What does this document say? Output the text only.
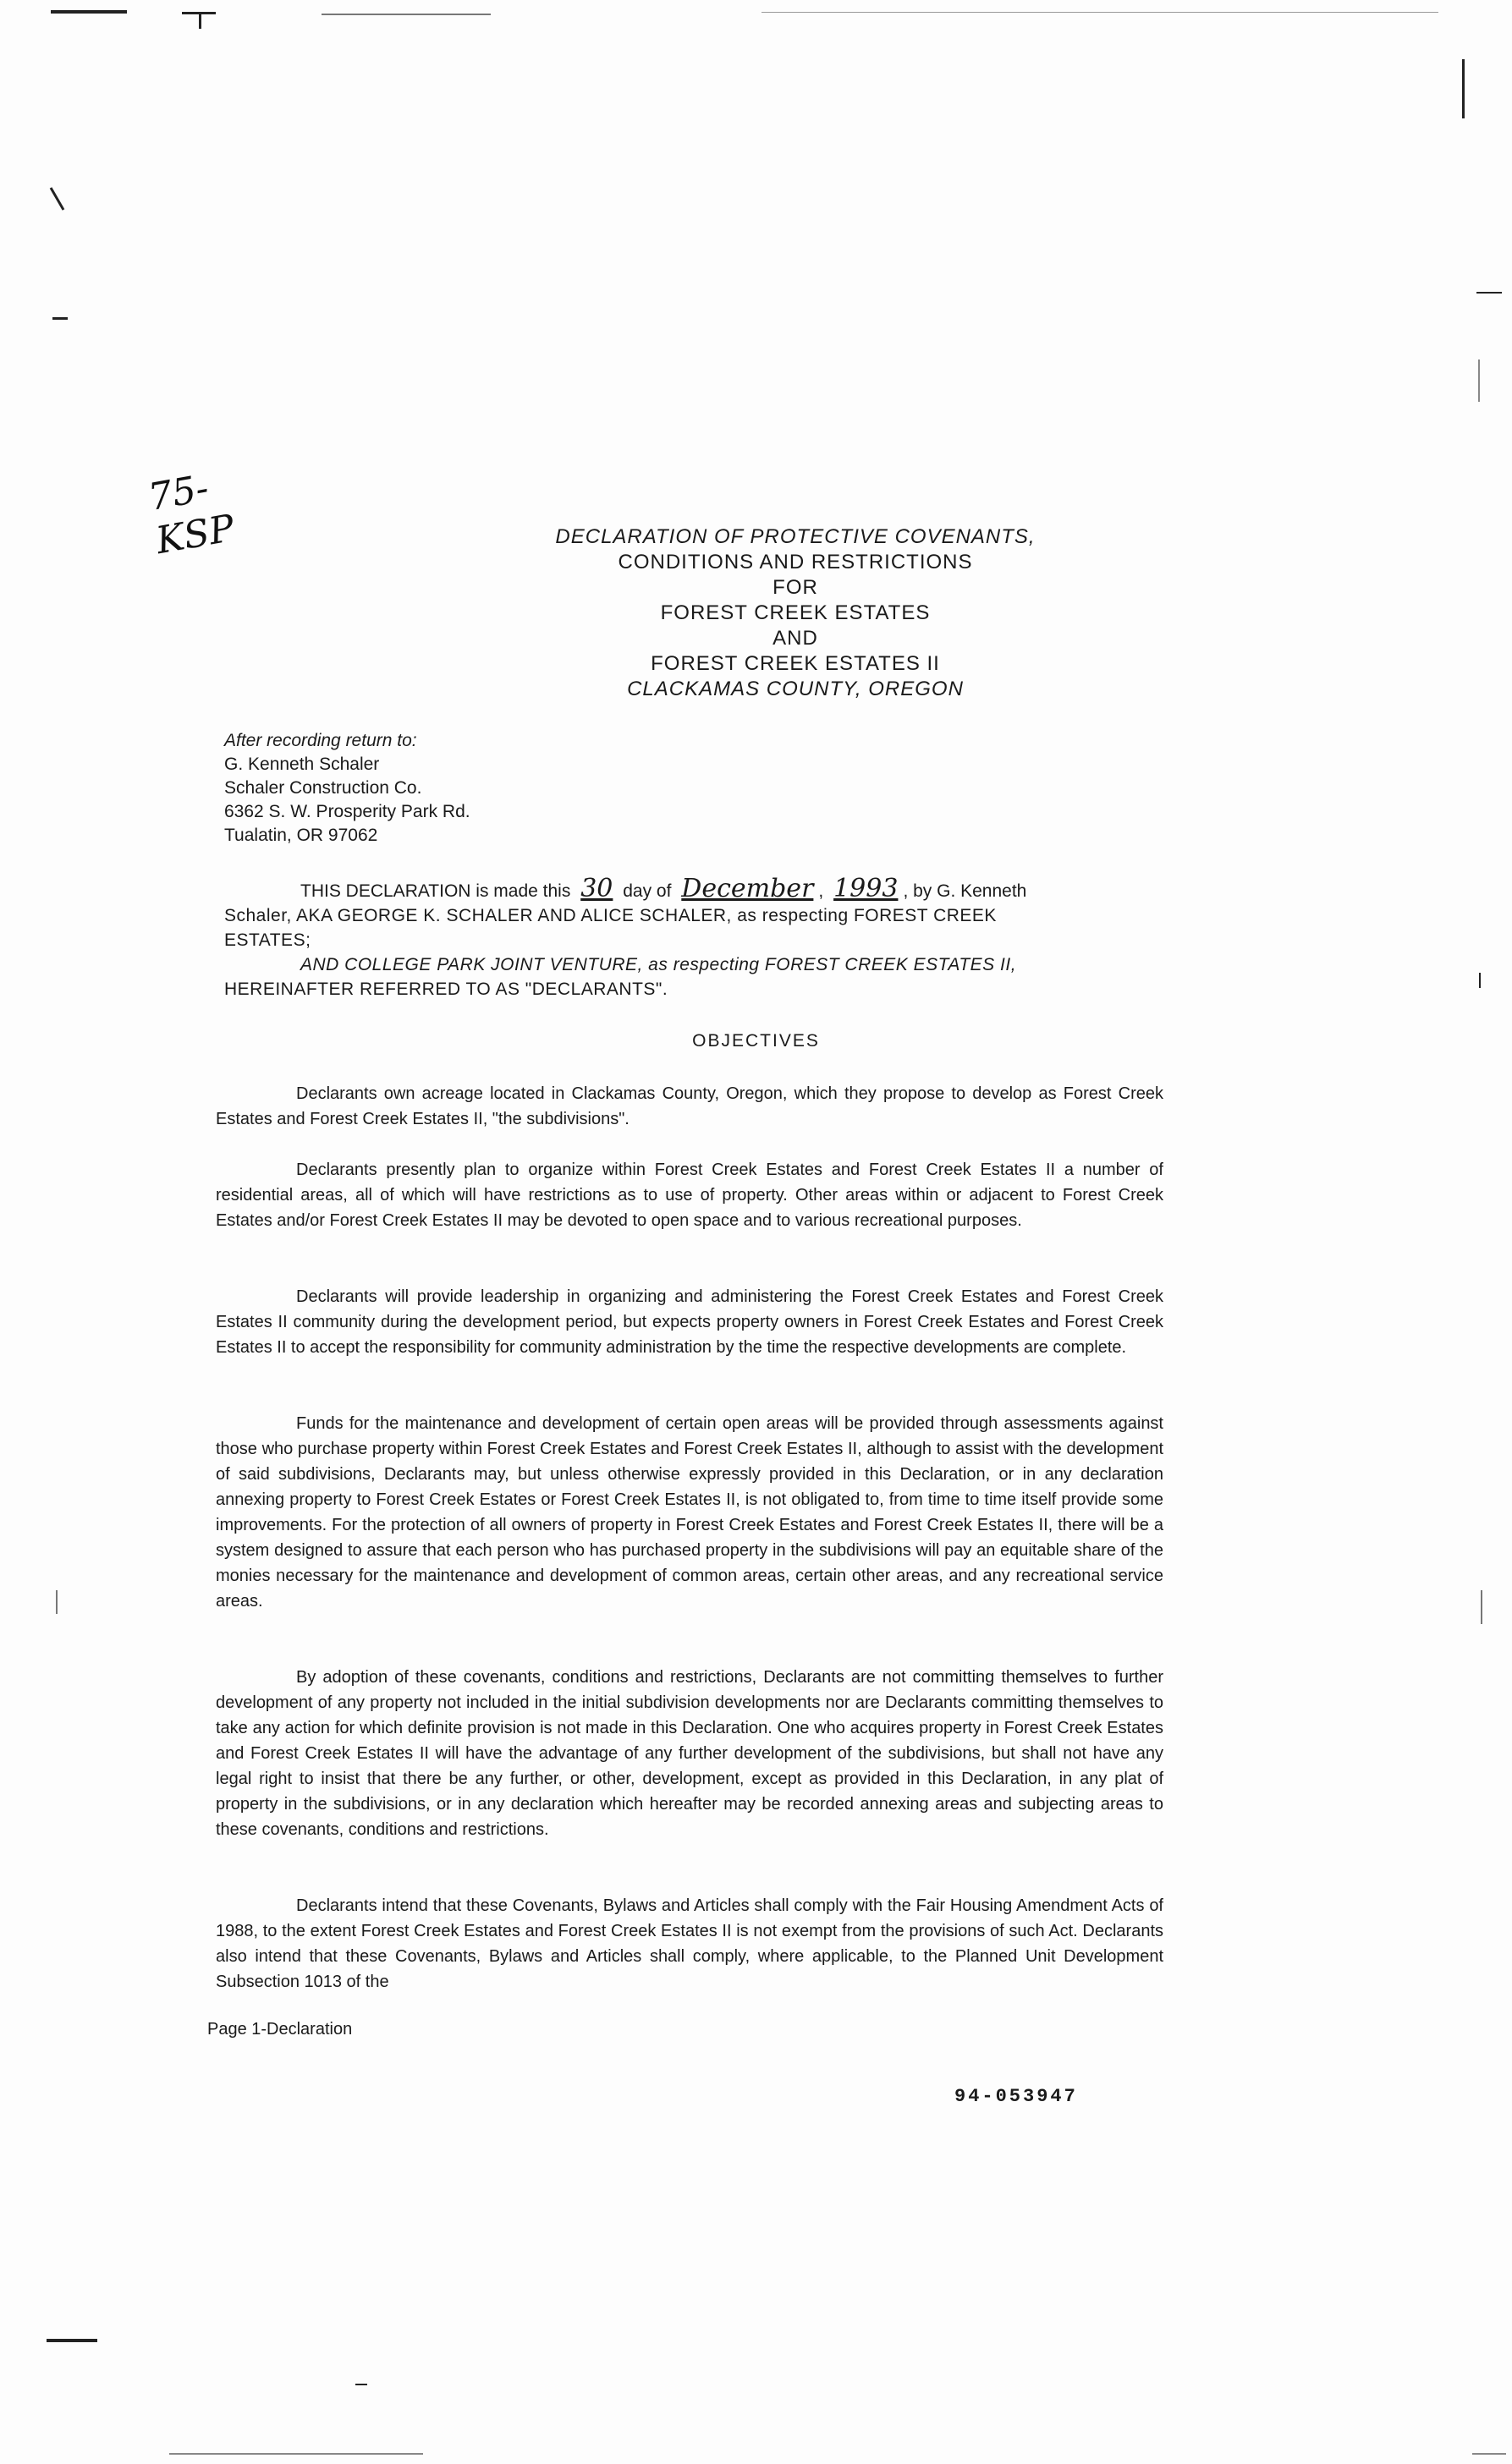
75-
KSP	DECLARATION OF PROTECTIVE COVENANTS,
CONDITIONS AND RESTRICTIONS
FOR
FOREST CREEK ESTATES
AND
FOREST CREEK ESTATES II
CLACKAMAS COUNTY, OREGON
After recording return to:
G. Kenneth Schaler
Schaler Construction Co.
6362 S. W. Prosperity Park Rd.
Tualatin, OR 97062
THIS DECLARATION is made this 30 day of December , 1993 , by G. Kenneth
Schaler, AKA GEORGE K. SCHALER AND ALICE SCHALER, as respecting FOREST CREEK
ESTATES;
AND COLLEGE PARK JOINT VENTURE, as respecting FOREST CREEK ESTATES II,
HEREINAFTER REFERRED TO AS "DECLARANTS".
OBJECTIVES
Declarants own acreage located in Clackamas County, Oregon, which they propose to develop as Forest Creek Estates and Forest Creek Estates II, "the subdivisions".
Declarants presently plan to organize within Forest Creek Estates and Forest Creek Estates II a number of residential areas, all of which will have restrictions as to use of property. Other areas within or adjacent to Forest Creek Estates and/or Forest Creek Estates II may be devoted to open space and to various recreational purposes.
Declarants will provide leadership in organizing and administering the Forest Creek Estates and Forest Creek Estates II community during the development period, but expects property owners in Forest Creek Estates and Forest Creek Estates II to accept the responsibility for community administration by the time the respective developments are complete.
Funds for the maintenance and development of certain open areas will be provided through assessments against those who purchase property within Forest Creek Estates and Forest Creek Estates II, although to assist with the development of said subdivisions, Declarants may, but unless otherwise expressly provided in this Declaration, or in any declaration annexing property to Forest Creek Estates or Forest Creek Estates II, is not obligated to, from time to time itself provide some improvements. For the protection of all owners of property in Forest Creek Estates and Forest Creek Estates II, there will be a system designed to assure that each person who has purchased property in the subdivisions will pay an equitable share of the monies necessary for the maintenance and development of common areas, certain other areas, and any recreational service areas.
By adoption of these covenants, conditions and restrictions, Declarants are not committing themselves to further development of any property not included in the initial subdivision developments nor are Declarants committing themselves to take any action for which definite provision is not made in this Declaration. One who acquires property in Forest Creek Estates and Forest Creek Estates II will have the advantage of any further development of the subdivisions, but shall not have any legal right to insist that there be any further, or other, development, except as provided in this Declaration, in any plat of property in the subdivisions, or in any declaration which hereafter may be recorded annexing areas and subjecting areas to these covenants, conditions and restrictions.
Declarants intend that these Covenants, Bylaws and Articles shall comply with the Fair Housing Amendment Acts of 1988, to the extent Forest Creek Estates and Forest Creek Estates II is not exempt from the provisions of such Act. Declarants also intend that these Covenants, Bylaws and Articles shall comply, where applicable, to the Planned Unit Development Subsection 1013 of the
Page 1-Declaration
94-053947
